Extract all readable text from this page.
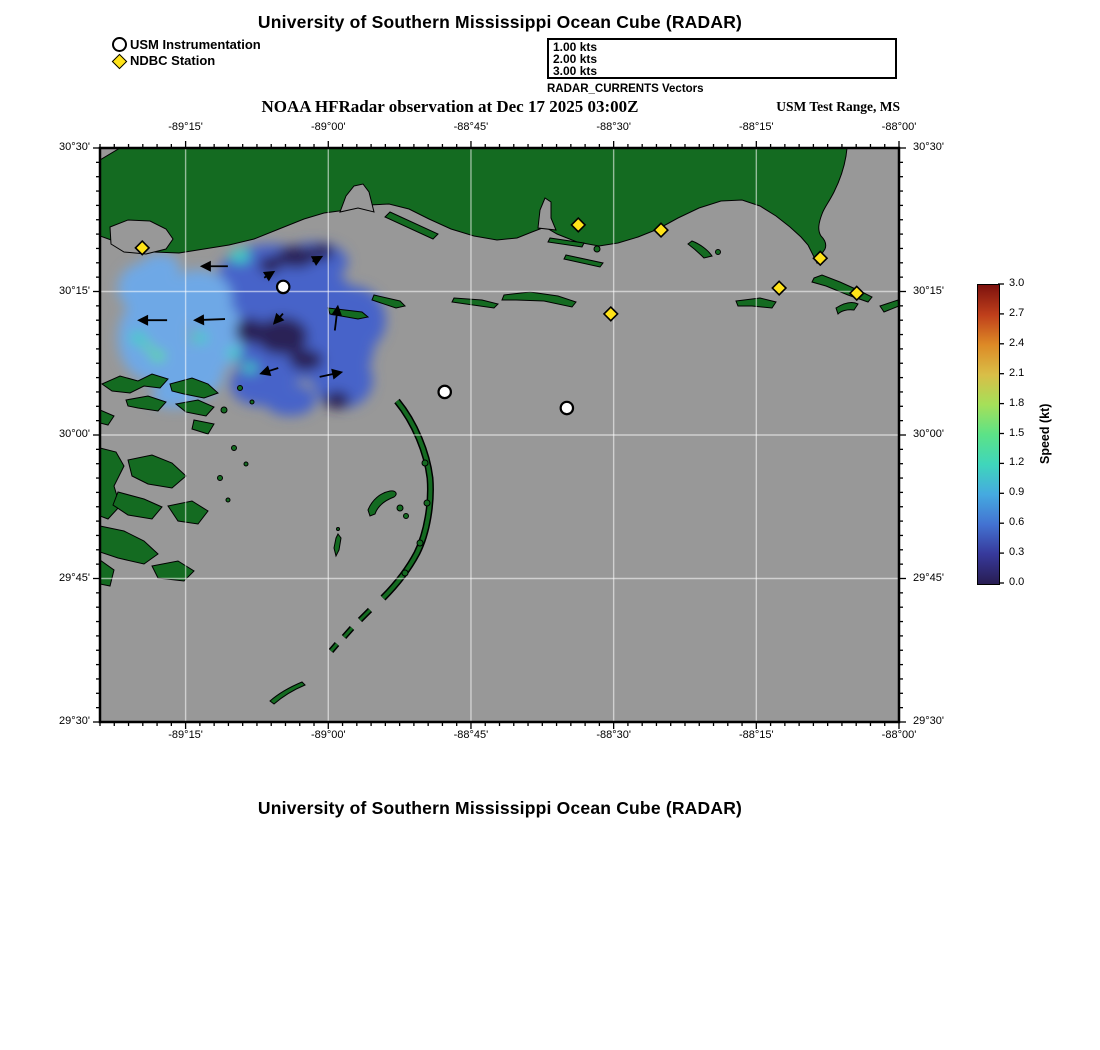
University of Southern Mississippi Ocean Cube (RADAR)
USM Instrumentation
NDBC Station
1.00 kts
2.00 kts
3.00 kts
RADAR_CURRENTS Vectors
NOAA HFRadar observation at Dec 17 2025 03:00Z	USM Test Range, MS
Speed (kt)
-89°15'
-89°15'
-89°00'
-89°00'
-88°45'
-88°45'
-88°30'
-88°30'
-88°15'
-88°15'
-88°00'
-88°00'
30°30'	30°30'
30°15'	30°15'
30°00'	30°00'
29°45'	29°45'
29°30'	29°30'
0.0
0.3
0.6
0.9
1.2
1.5
1.8
2.1
2.4
2.7
3.0
University of Southern Mississippi Ocean Cube (RADAR)
